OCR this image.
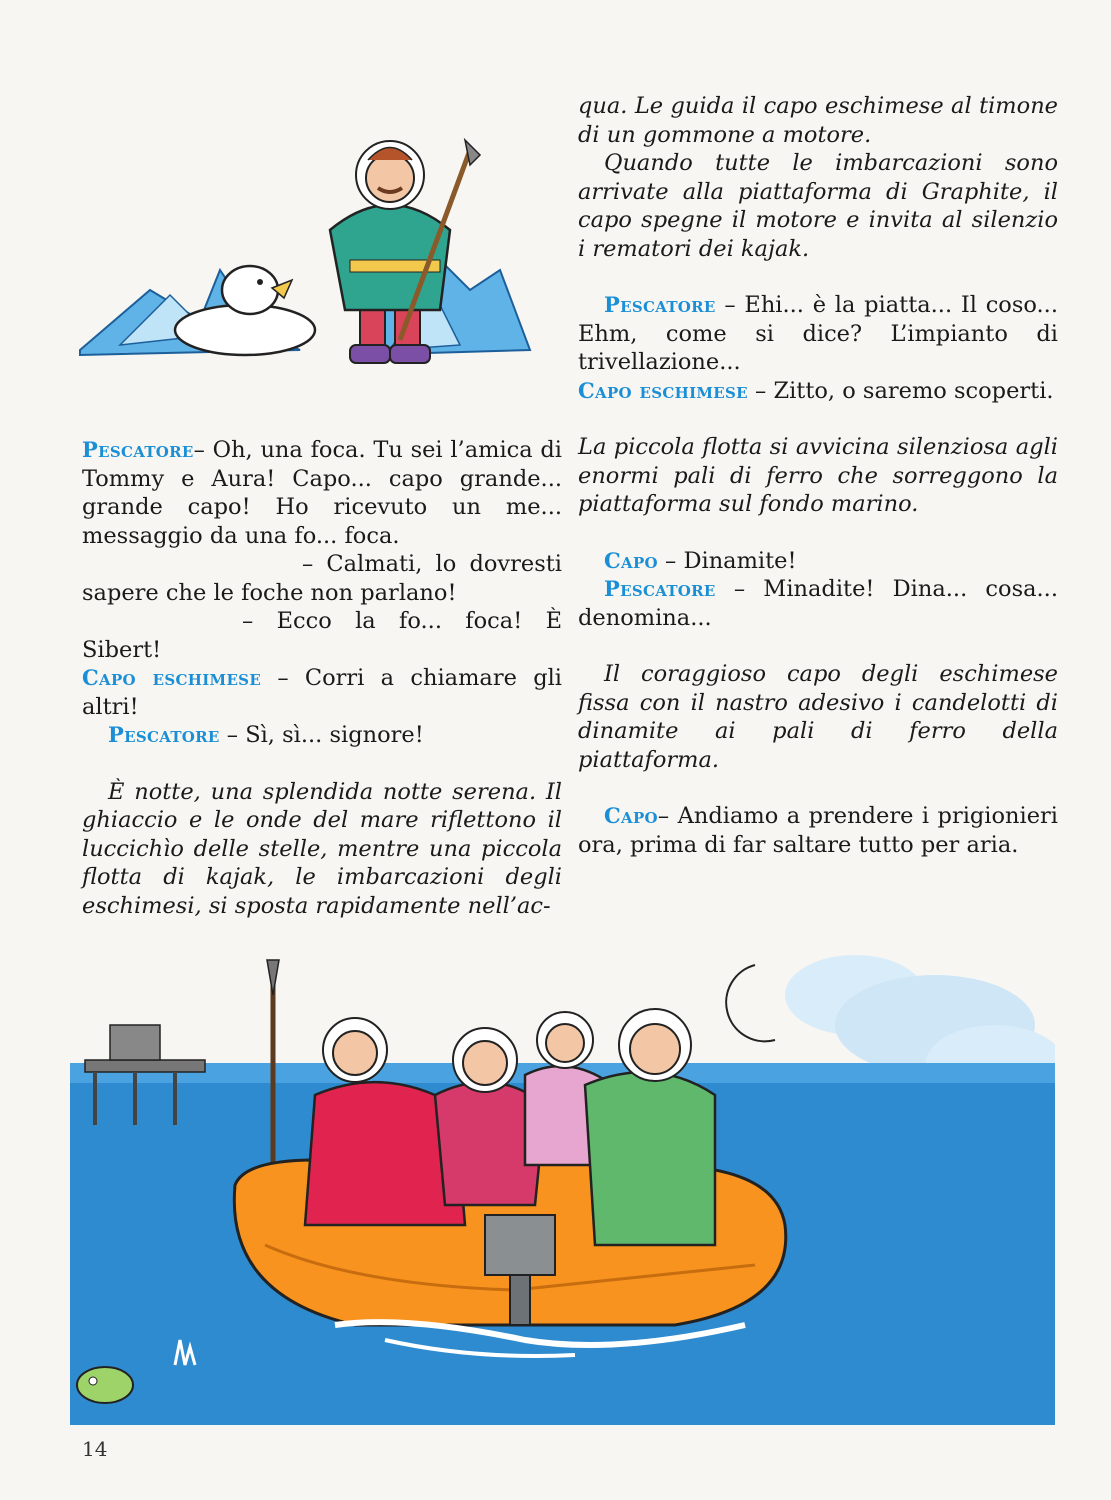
Pescatore– Oh, una foca. Tu sei l’amica di Tommy e Aura! Capo... capo grande... grande capo! Ho ricevuto un me... messaggio da una fo... foca.

– Calmati, lo dovresti sapere che le foche non parlano!

– Ecco la fo... foca! È Sibert!

Capo eschimese – Corri a chiamare gli altri!

Pescatore – Sì, sì... signore!

È notte, una splendida notte serena. Il ghiaccio e le onde del mare riflettono il luccichìo delle stelle, mentre una piccola flotta di kajak, le imbarcazioni degli eschimesi, si sposta rapidamente nell’ac-

qua. Le guida il capo eschimese al timone di un gommone a motore.

Quando tutte le imbarcazioni sono arrivate alla piattaforma di Graphite, il capo spegne il motore e invita al silenzio i rematori dei kajak.

Pescatore – Ehi... è la piatta... Il coso... Ehm, come si dice? L’impianto di trivellazione...

Capo eschimese – Zitto, o saremo scoperti.

La piccola flotta si avvicina silenziosa agli enormi pali di ferro che sorreggono la piattaforma sul fondo marino.

Capo – Dinamite!

Pescatore – Minadite! Dina... cosa... denomina...

Il coraggioso capo degli eschimese fissa con il nastro adesivo i candelotti di dinamite ai pali di ferro della piattaforma.

Capo– Andiamo a prendere i prigionieri ora, prima di far saltare tutto per aria.

14
